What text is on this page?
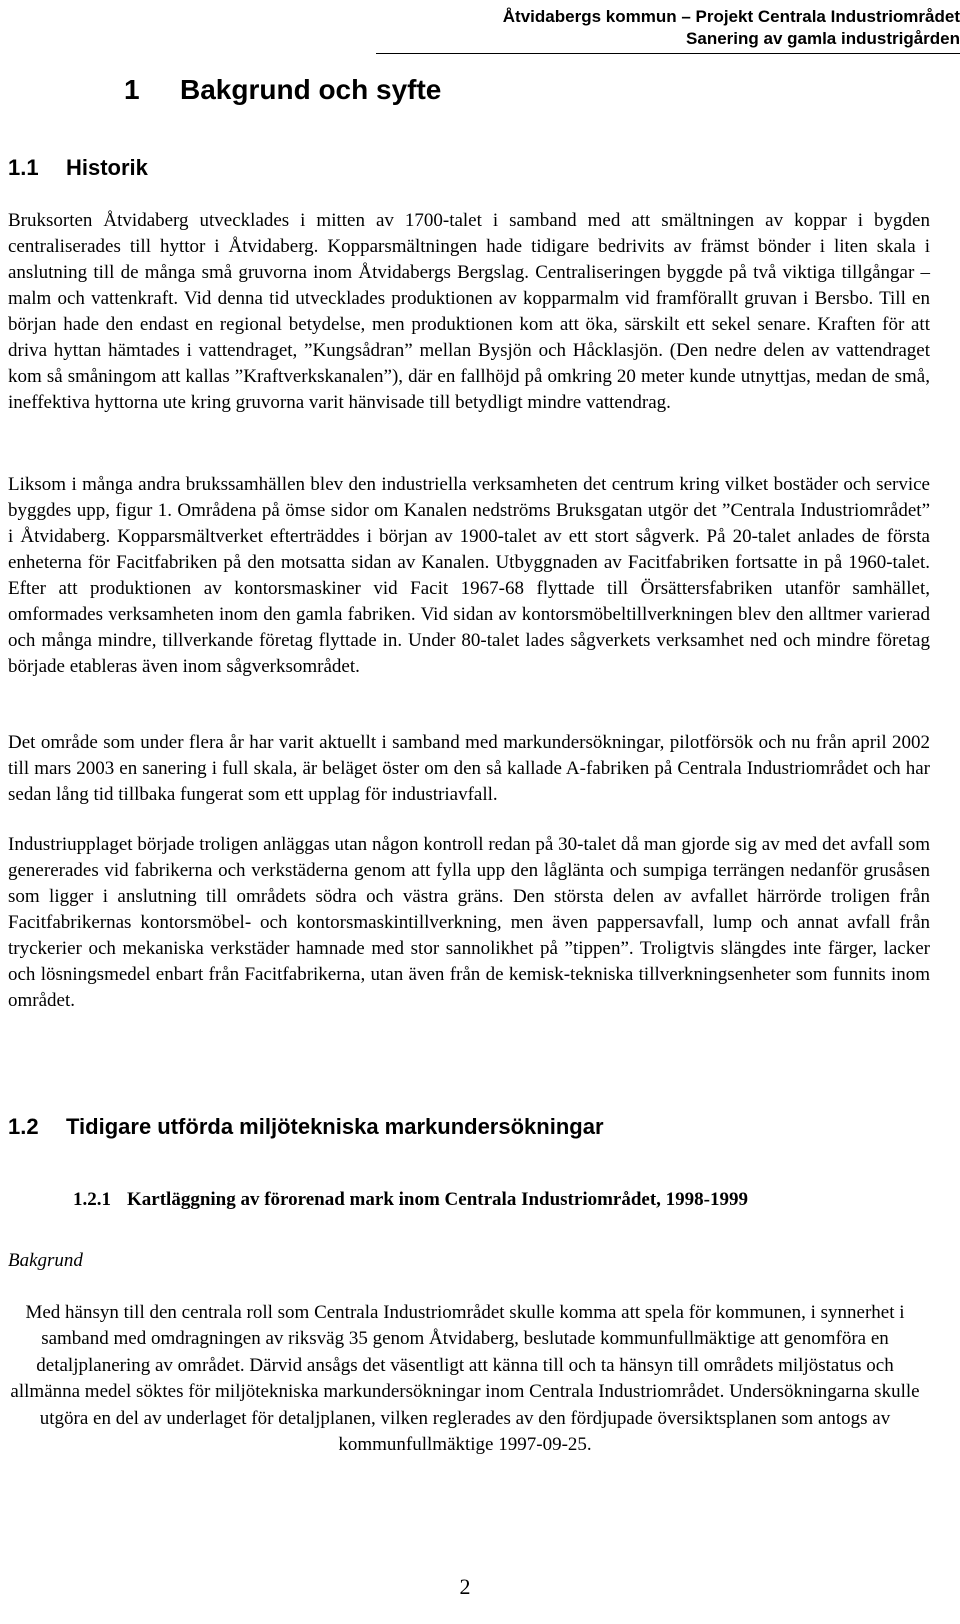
Åtvidabergs kommun – Projekt Centrala Industriområdet
Sanering av gamla industrigården
1 Bakgrund och syfte
1.1 Historik

Bruksorten Åtvidaberg utvecklades i mitten av 1700-talet i samband med att smältningen av koppar i bygden centraliserades till hyttor i Åtvidaberg. Kopparsmältningen hade tidigare bedrivits av främst bönder i liten skala i anslutning till de många små gruvorna inom Åtvidabergs Bergslag. Centraliseringen byggde på två viktiga tillgångar – malm och vattenkraft. Vid denna tid utvecklades produktionen av kopparmalm vid framförallt gruvan i Bersbo. Till en början hade den endast en regional betydelse, men produktionen kom att öka, särskilt ett sekel senare. Kraften för att driva hyttan hämtades i vattendraget, ”Kungsådran” mellan Bysjön och Håcklasjön. (Den nedre delen av vattendraget kom så småningom att kallas ”Kraftverkskanalen”), där en fallhöjd på omkring 20 meter kunde utnyttjas, medan de små, ineffektiva hyttorna ute kring gruvorna varit hänvisade till betydligt mindre vattendrag.

Liksom i många andra brukssamhällen blev den industriella verksamheten det centrum kring vilket bostäder och service byggdes upp, figur 1. Områdena på ömse sidor om Kanalen nedströms Bruksgatan utgör det ”Centrala Industriområdet” i Åtvidaberg. Kopparsmältverket efterträddes i början av 1900-talet av ett stort sågverk. På 20-talet anlades de första enheterna för Facitfabriken på den motsatta sidan av Kanalen. Utbyggnaden av Facitfabriken fortsatte in på 1960-talet. Efter att produktionen av kontorsmaskiner vid Facit 1967-68 flyttade till Örsättersfabriken utanför samhället, omformades verksamheten inom den gamla fabriken. Vid sidan av kontorsmöbeltillverkningen blev den alltmer varierad och många mindre, tillverkande företag flyttade in. Under 80-talet lades sågverkets verksamhet ned och mindre företag började etableras även inom sågverksområdet.

Det område som under flera år har varit aktuellt i samband med markundersökningar, pilotförsök och nu från april 2002 till mars 2003 en sanering i full skala, är beläget öster om den så kallade A-fabriken på Centrala Industriområdet och har sedan lång tid tillbaka fungerat som ett upplag för industriavfall.

Industriupplaget började troligen anläggas utan någon kontroll redan på 30-talet då man gjorde sig av med det avfall som genererades vid fabrikerna och verkstäderna genom att fylla upp den låglänta och sumpiga terrängen nedanför grusåsen som ligger i anslutning till områdets södra och västra gräns. Den största delen av avfallet härrörde troligen från Facitfabrikernas kontorsmöbel- och kontorsmaskintillverkning, men även pappersavfall, lump och annat avfall från tryckerier och mekaniska verkstäder hamnade med stor sannolikhet på ”tippen”. Troligtvis slängdes inte färger, lacker och lösningsmedel enbart från Facitfabrikerna, utan även från de kemisk-tekniska tillverkningsenheter som funnits inom området.

1.2 Tidigare utförda miljötekniska markundersökningar
1.2.1 Kartläggning av förorenad mark inom Centrala Industriområdet, 1998-1999
Bakgrund

Med hänsyn till den centrala roll som Centrala Industriområdet skulle komma att spela för kommunen, i synnerhet i samband med omdragningen av riksväg 35 genom Åtvidaberg, beslutade kommunfullmäktige att genomföra en detaljplanering av området. Därvid ansågs det väsentligt att känna till och ta hänsyn till områdets miljöstatus och allmänna medel söktes för miljötekniska markundersökningar inom Centrala Industriområdet. Undersökningarna skulle utgöra en del av underlaget för detaljplanen, vilken reglerades av den fördjupade översiktsplanen som antogs av kommunfullmäktige 1997-09-25.

2
